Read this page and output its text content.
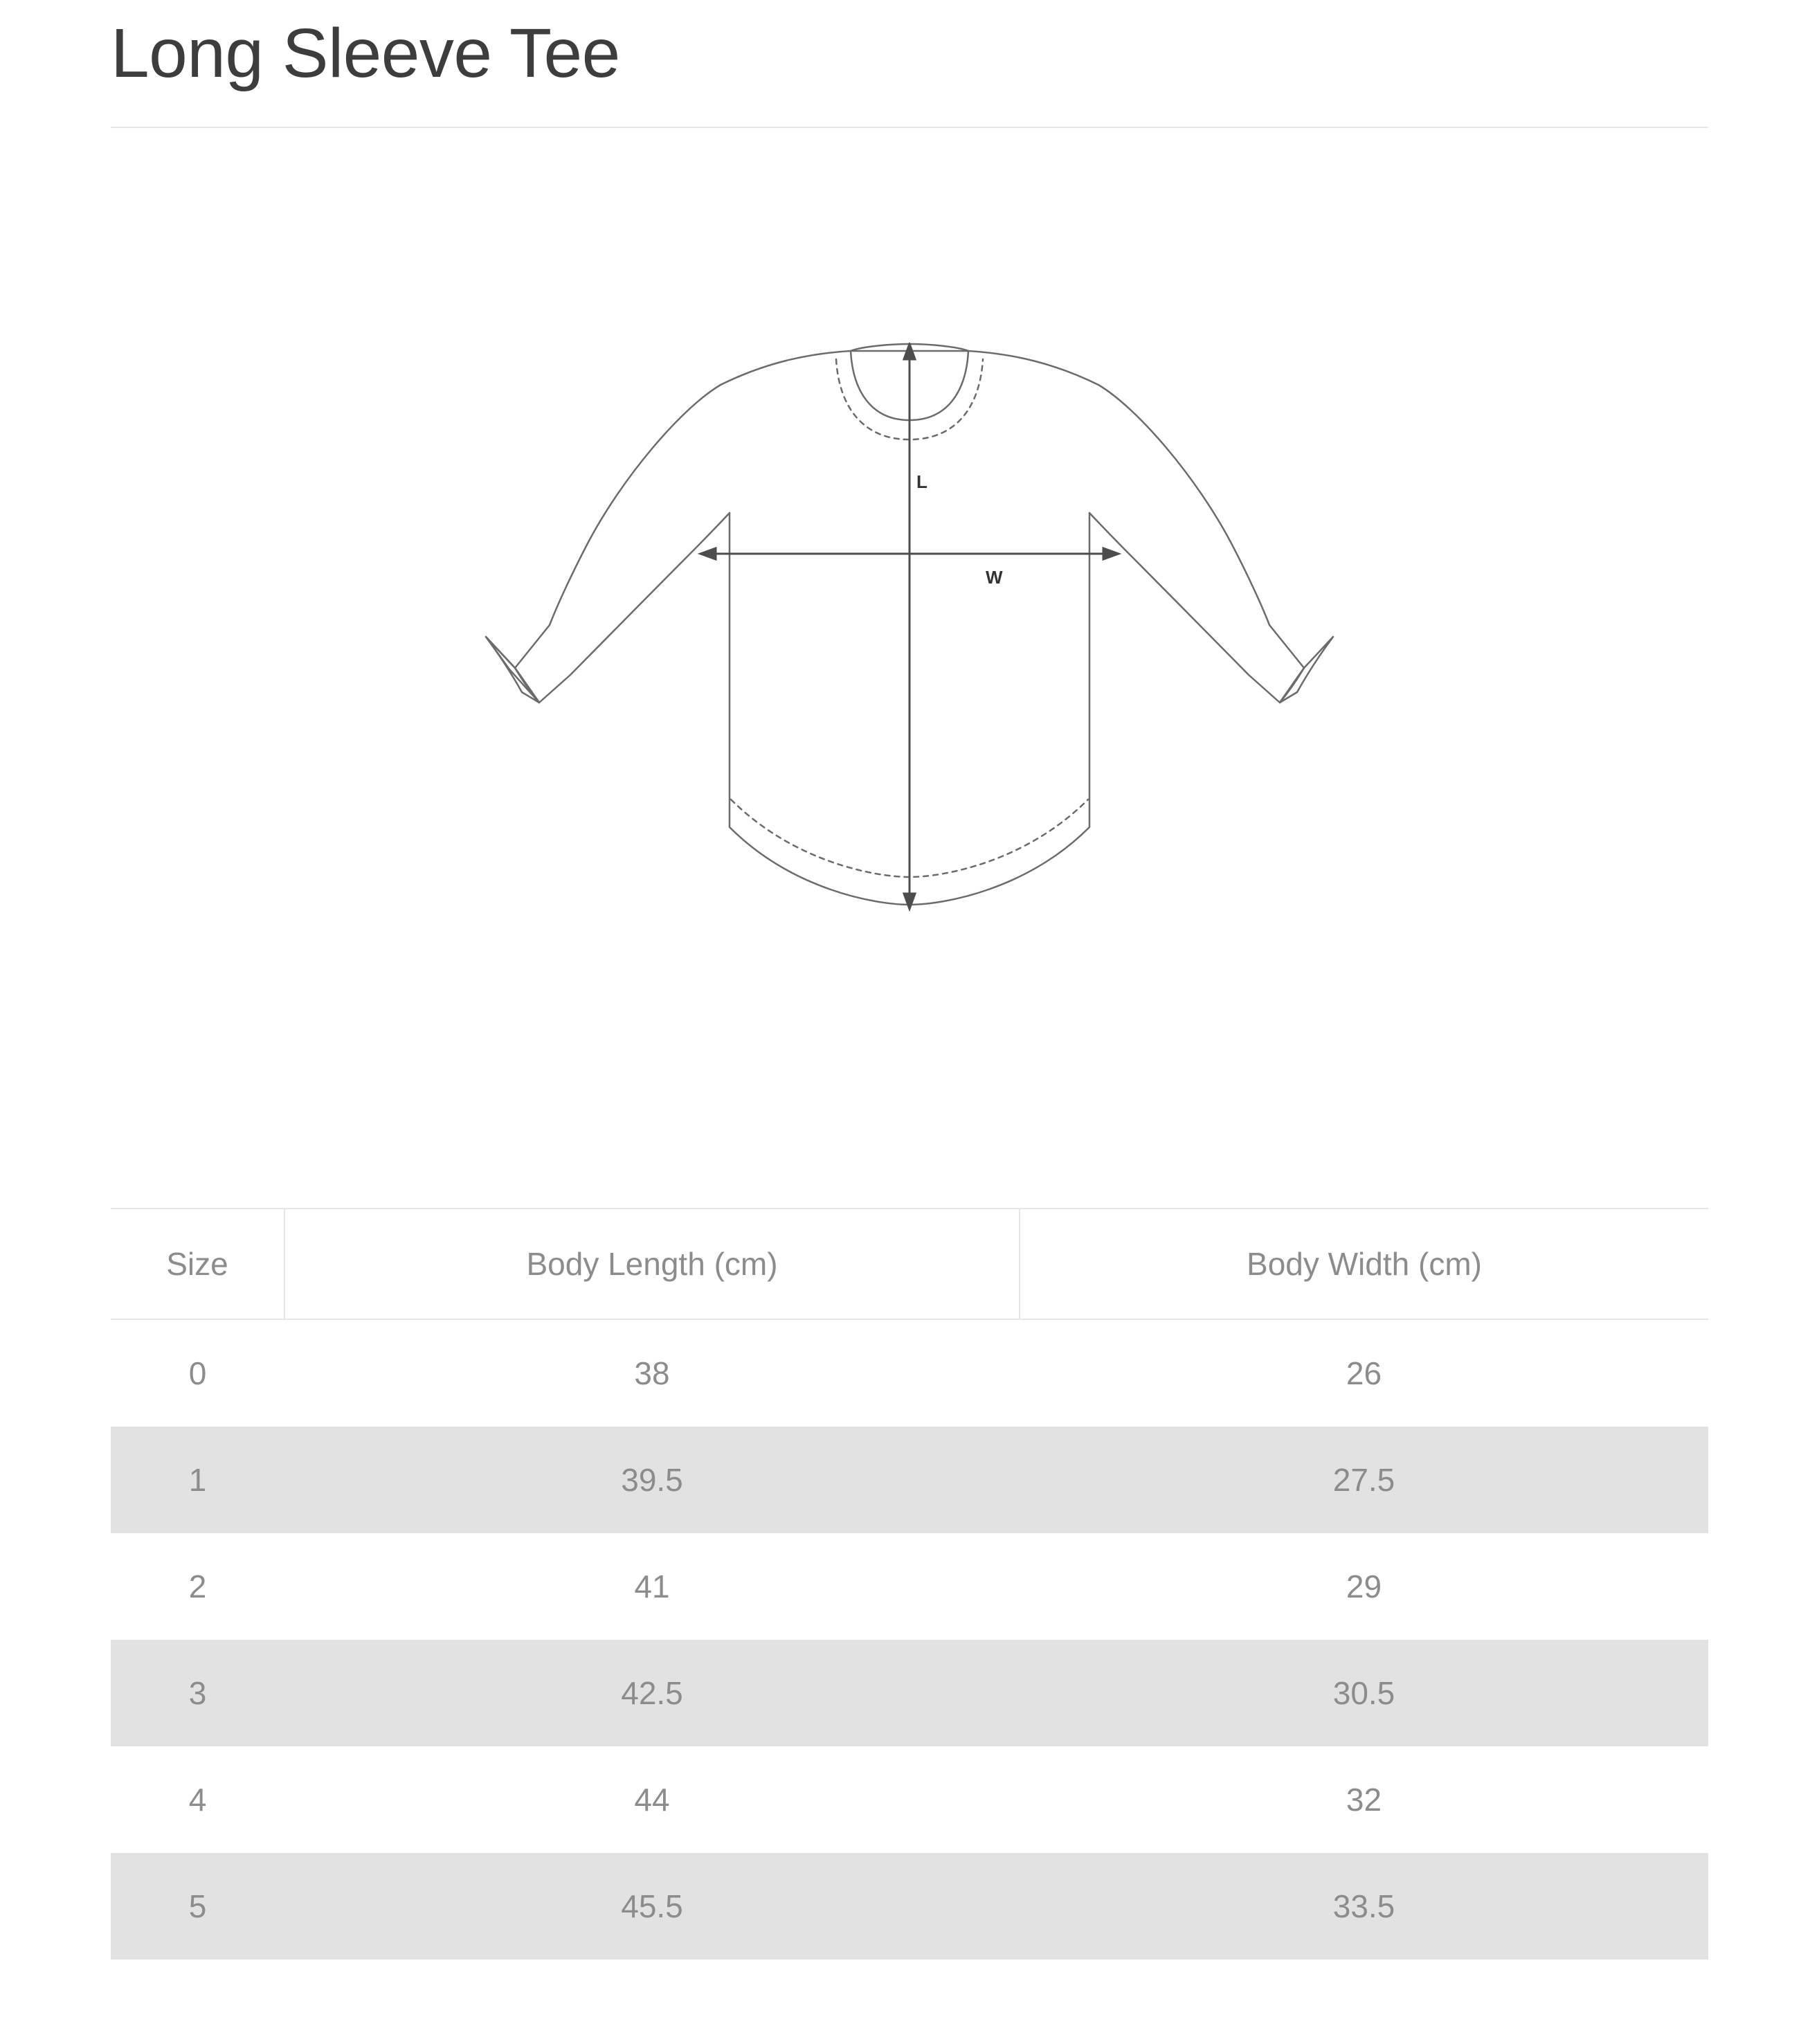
Long Sleeve Tee
L
W
Size	Body Length (cm)	Body Width (cm)
0	38	26
1	39.5	27.5
2	41	29
3	42.5	30.5
4	44	32
5	45.5	33.5
